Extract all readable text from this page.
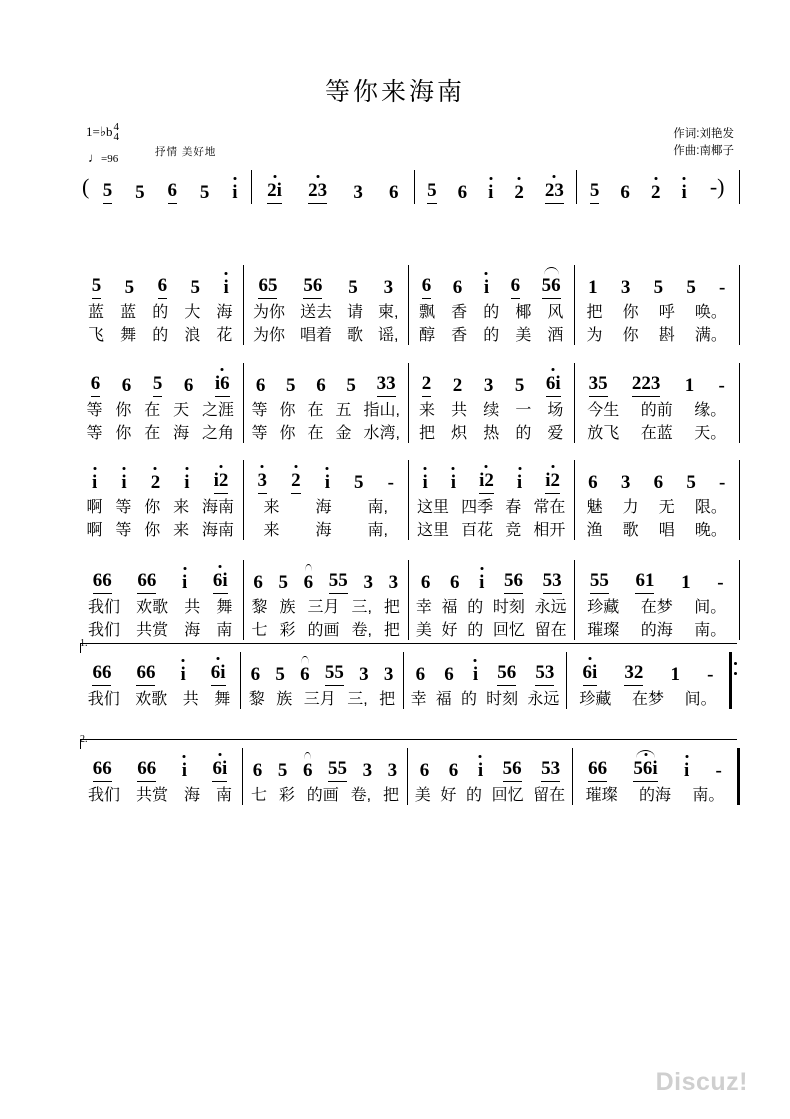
等你来海南
作词:刘艳发
作曲:南椰子
1= ♭ b 4
4
♩=96
抒情 美好地
( 5 5 6 5 i 2i 23 3 6 5 6 i 2 23 5 6 2 i -)
5 5 6 5 i
蓝 蓝 的 大 海
飞 舞 的 浪 花
65 56 5 3
为你 送去 请 柬,
为你 唱着 歌 谣,
6 6 i 6 56
飘 香 的 椰 风
醇 香 的 美 酒
1 3 5 5 -
把 你 呼 唤。
为 你 斟 满。
6 6 5 6 i6
等 你 在 天 之涯
等 你 在 海 之角
6 5 6 5 33
等 你 在 五 指山,
等 你 在 金 水湾,
2 2 3 5 6i
来 共 续 一 场
把 炽 热 的 爱
35 223 1 -
今生 的前 缘。
放飞 在蓝 天。
i i 2 i i2
啊 等 你 来 海南
啊 等 你 来 海南
3 2 i 5 -
来 海 南,
来 海 南,
i i i2 i i2
这里 四季 春 常在
这里 百花 竞 相开
6 3 6 5 -
魅 力 无 限。
渔 歌 唱 晚。
66 66 i 6i
我们 欢歌 共 舞
我们 共赏 海 南
6 5 6 55 3 3
黎 族 三月 三, 把
七 彩 的画 卷, 把
6 6 i 56 53
幸 福 的 时刻 永远
美 好 的 回忆 留在
55 61 1 -
珍藏 在梦 间。
璀璨 的海 南。
1.
66 66 i 6i
我们 欢歌 共 舞
6 5 6 55 3 3
黎 族 三月 三, 把
6 6 i 56 53
幸 福 的 时刻 永远
6i 32 1 -
珍藏 在梦 间。
2.
66 66 i 6i
我们 共赏 海 南
6 5 6 55 3 3
七 彩 的画 卷, 把
6 6 i 56 53
美 好 的 回忆 留在
66 56i i -
璀璨 的海 南。
Discuz!
